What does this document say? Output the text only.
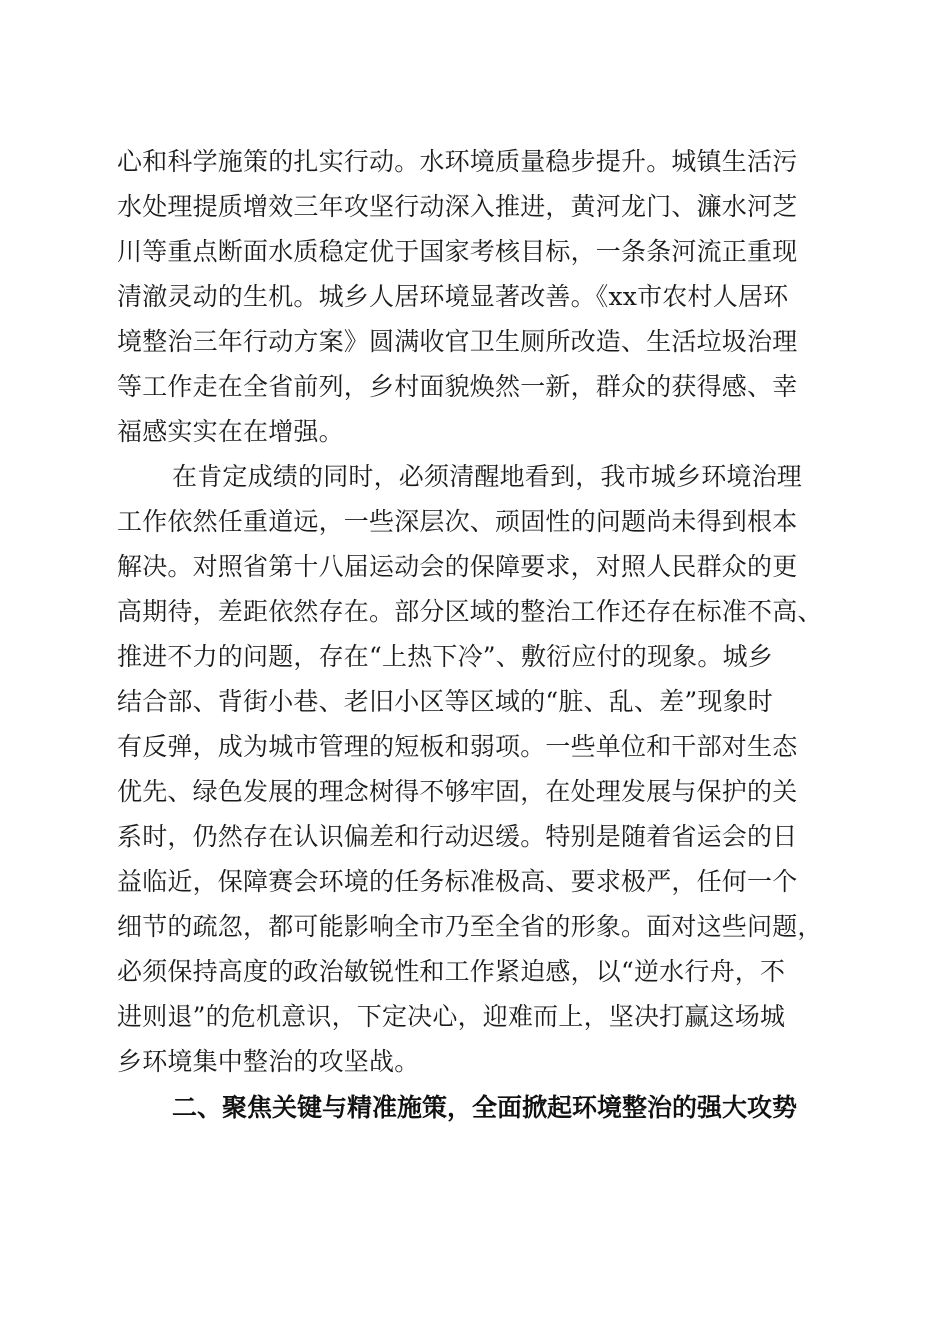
心和科学施策的扎实行动。水环境质量稳步提升。城镇生活污
水处理提质增效三年攻坚行动深入推进，黄河龙门、濂水河芝
川等重点断面水质稳定优于国家考核目标，一条条河流正重现
清澈灵动的生机。城乡人居环境显著改善。《xx市农村人居环
境整治三年行动方案》圆满收官卫生厕所改造、生活垃圾治理
等工作走在全省前列，乡村面貌焕然一新，群众的获得感、幸
福感实实在在增强。
在肯定成绩的同时，必须清醒地看到，我市城乡环境治理
工作依然任重道远，一些深层次、顽固性的问题尚未得到根本
解决。对照省第十八届运动会的保障要求，对照人民群众的更
高期待，差距依然存在。部分区域的整治工作还存在标准不高、
推进不力的问题，存在“上热下冷”、敷衍应付的现象。城乡
结合部、背街小巷、老旧小区等区域的“脏、乱、差”现象时
有反弹，成为城市管理的短板和弱项。一些单位和干部对生态
优先、绿色发展的理念树得不够牢固，在处理发展与保护的关
系时，仍然存在认识偏差和行动迟缓。特别是随着省运会的日
益临近，保障赛会环境的任务标准极高、要求极严，任何一个
细节的疏忽，都可能影响全市乃至全省的形象。面对这些问题，
必须保持高度的政治敏锐性和工作紧迫感，以“逆水行舟，不
进则退”的危机意识，下定决心，迎难而上，坚决打赢这场城
乡环境集中整治的攻坚战。
二、聚焦关键与精准施策，全面掀起环境整治的强大攻势
